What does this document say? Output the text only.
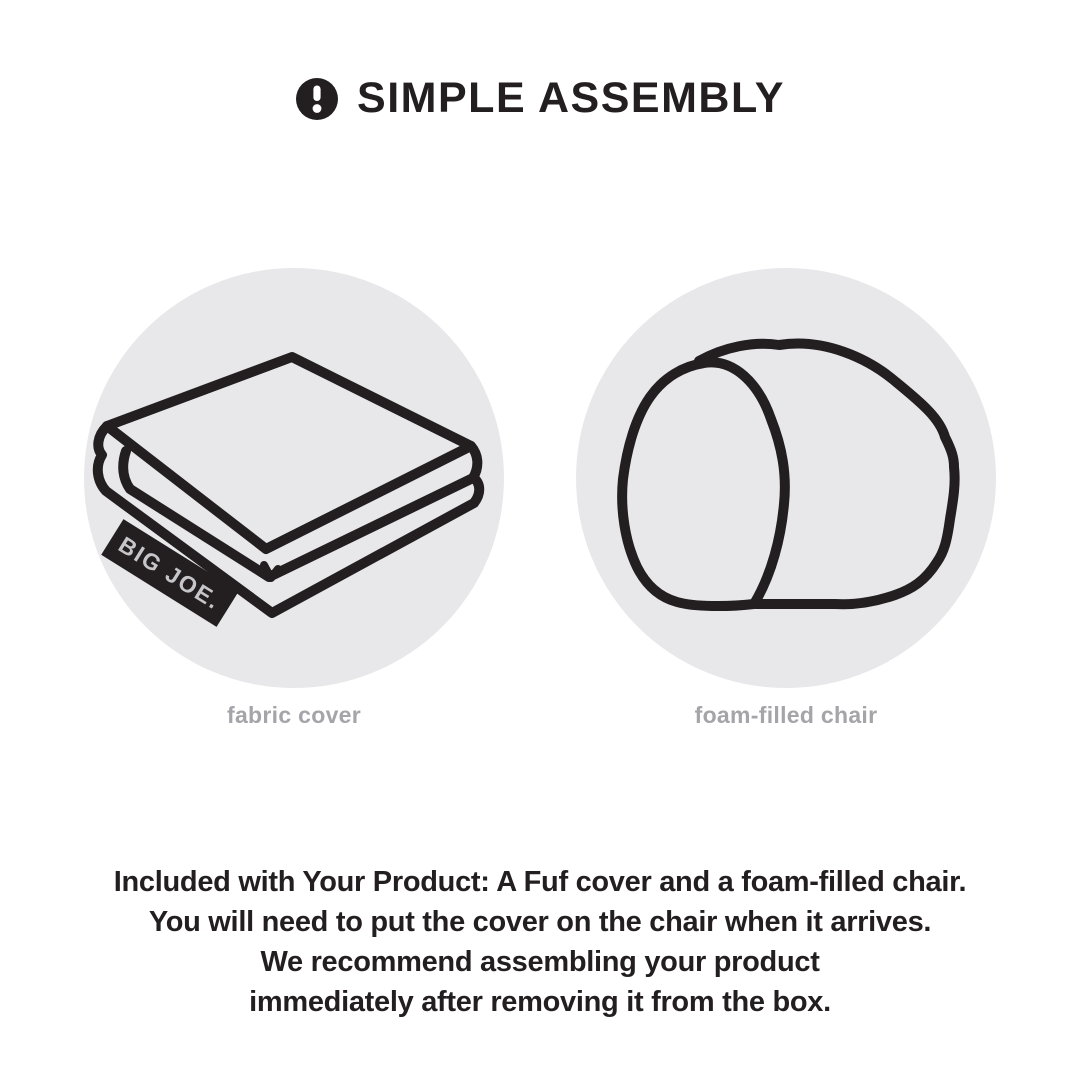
SIMPLE ASSEMBLY
BIG JOE.
fabric cover	foam-filled chair

Included with Your Product: A Fuf cover and a foam-filled chair.

You will need to put the cover on the chair when it arrives.

We recommend assembling your product

immediately after removing it from the box.
